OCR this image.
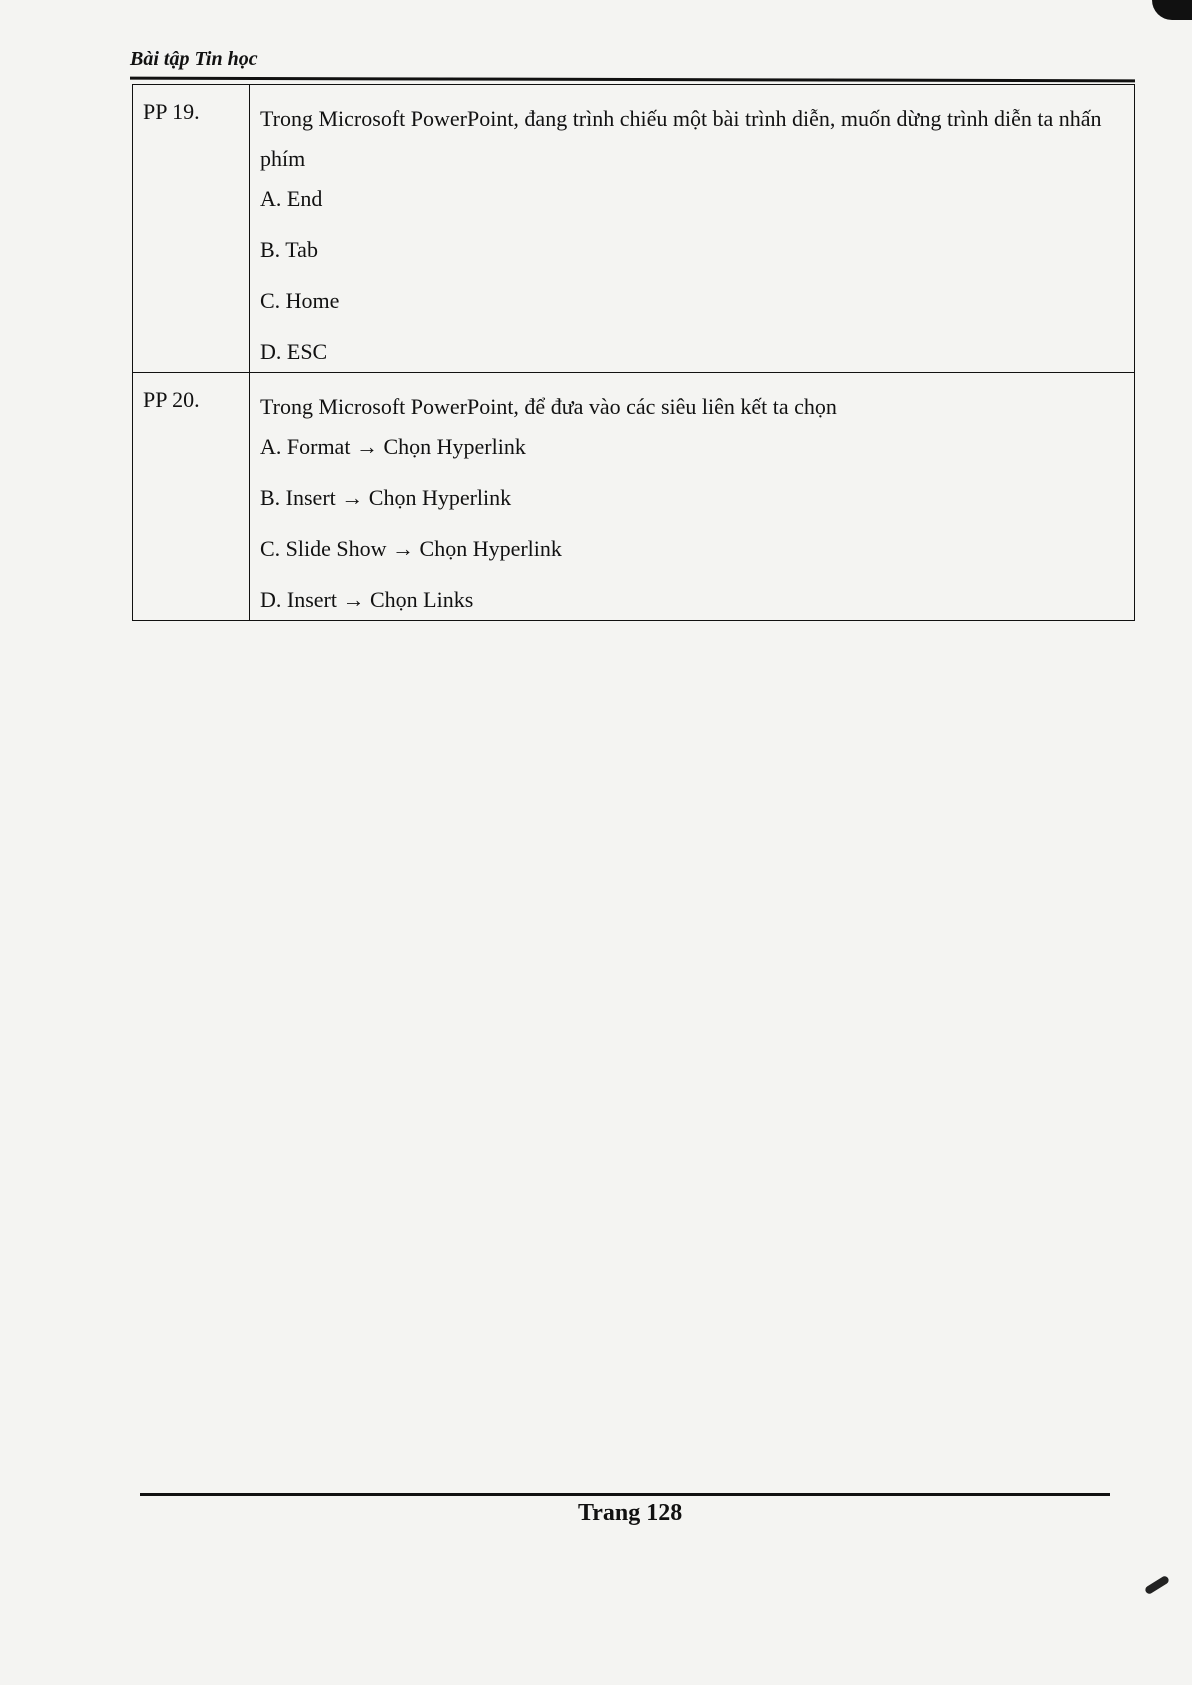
Bài tập Tin học
PP 19.	Trong Microsoft PowerPoint, đang trình chiếu một bài trình diễn, muốn dừng trình diễn ta nhấn phím
A. End
B. Tab
C. Home
D. ESC

PP 20.	Trong Microsoft PowerPoint, để đưa vào các siêu liên kết ta chọn
A. Format → Chọn Hyperlink
B. Insert → Chọn Hyperlink
C. Slide Show → Chọn Hyperlink
D. Insert → Chọn Links
Trang 128
